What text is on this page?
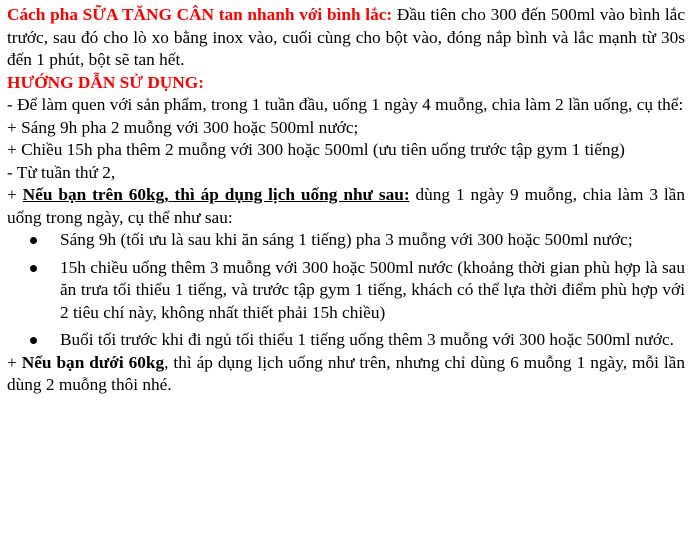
Cách pha SỮA TĂNG CÂN tan nhanh với bình lắc: Đầu tiên cho 300 đến 500ml vào bình lắc trước, sau đó cho lò xo bằng inox vào, cuối cùng cho bột vào, đóng nắp bình và lắc mạnh từ 30s đến 1 phút, bột sẽ tan hết.

HƯỚNG DẪN SỬ DỤNG:

- Để làm quen với sản phẩm, trong 1 tuần đầu, uống 1 ngày 4 muỗng, chia làm 2 lần uống, cụ thể:

+ Sáng 9h pha 2 muỗng với 300 hoặc 500ml nước;

+ Chiều 15h pha thêm 2 muỗng với 300 hoặc 500ml (ưu tiên uống trước tập gym 1 tiếng)

- Từ tuần thứ 2,

+ Nếu bạn trên 60kg, thì áp dụng lịch uống như sau: dùng 1 ngày 9 muỗng, chia làm 3 lần uống trong ngày, cụ thể như sau:

Sáng 9h (tối ưu là sau khi ăn sáng 1 tiếng) pha 3 muỗng với 300 hoặc 500ml nước;
15h chiều uống thêm 3 muỗng với 300 hoặc 500ml nước (khoảng thời gian phù hợp là sau ăn trưa tối thiểu 1 tiếng, và trước tập gym 1 tiếng, khách có thể lựa thời điểm phù hợp với 2 tiêu chí này, không nhất thiết phải 15h chiều)
Buổi tối trước khi đi ngủ tối thiểu 1 tiếng uống thêm 3 muỗng với 300 hoặc 500ml nước.

+ Nếu bạn dưới 60kg, thì áp dụng lịch uống như trên, nhưng chỉ dùng 6 muỗng 1 ngày, mỗi lần dùng 2 muỗng thôi nhé.
